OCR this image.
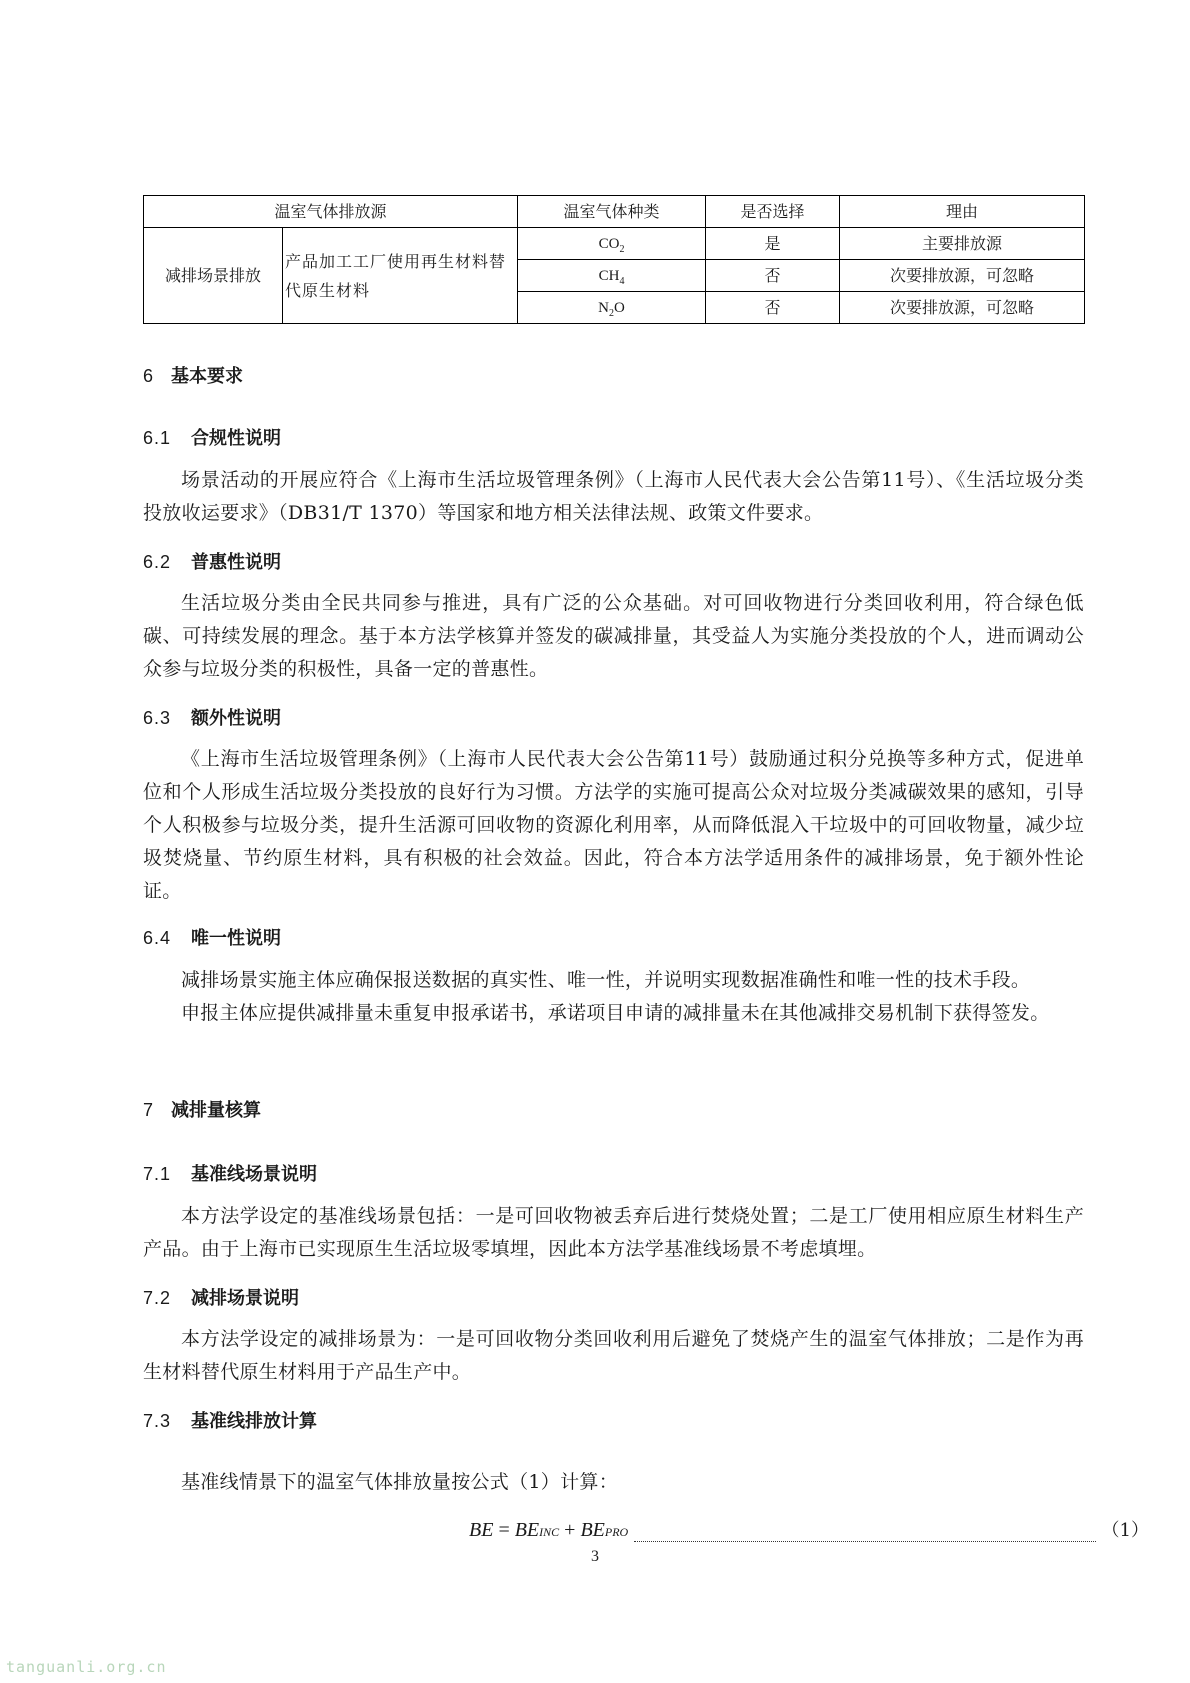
温室气体排放源		温室气体种类	是否选择	理由
减排场景排放	产品加工工厂使用再生材料替代原生材料	$CO_2$	是	主要排放源
		$CH_4$	否	次要排放源，可忽略
		$N_2O$	否	次要排放源，可忽略
6 基本要求
6.1 合规性说明
场景活动的开展应符合《上海市生活垃圾管理条例》（上海市人民代表大会公告第11号）、《生活垃圾分类投放收运要求》（DB31/T 1370）等国家和地方相关法律法规、政策文件要求。
6.2 普惠性说明
生活垃圾分类由全民共同参与推进，具有广泛的公众基础。对可回收物进行分类回收利用，符合绿色低碳、可持续发展的理念。基于本方法学核算并签发的碳减排量，其受益人为实施分类投放的个人，进而调动公众参与垃圾分类的积极性，具备一定的普惠性。
6.3 额外性说明
《上海市生活垃圾管理条例》（上海市人民代表大会公告第11号）鼓励通过积分兑换等多种方式，促进单位和个人形成生活垃圾分类投放的良好行为习惯。方法学的实施可提高公众对垃圾分类减碳效果的感知，引导个人积极参与垃圾分类，提升生活源可回收物的资源化利用率，从而降低混入干垃圾中的可回收物量，减少垃圾焚烧量、节约原生材料，具有积极的社会效益。因此，符合本方法学适用条件的减排场景，免于额外性论证。
6.4 唯一性说明
减排场景实施主体应确保报送数据的真实性、唯一性，并说明实现数据准确性和唯一性的技术手段。
申报主体应提供减排量未重复申报承诺书，承诺项目申请的减排量未在其他减排交易机制下获得签发。
7 减排量核算
7.1 基准线场景说明
本方法学设定的基准线场景包括：一是可回收物被丢弃后进行焚烧处置；二是工厂使用相应原生材料生产产品。由于上海市已实现原生生活垃圾零填埋，因此本方法学基准线场景不考虑填埋。
7.2 减排场景说明
本方法学设定的减排场景为：一是可回收物分类回收利用后避免了焚烧产生的温室气体排放；二是作为再生材料替代原生材料用于产品生产中。
7.3 基准线排放计算
基准线情景下的温室气体排放量按公式（1）计算：
BE = BE INC + BE PRO	（1）
3
tanguanli.org.cn
